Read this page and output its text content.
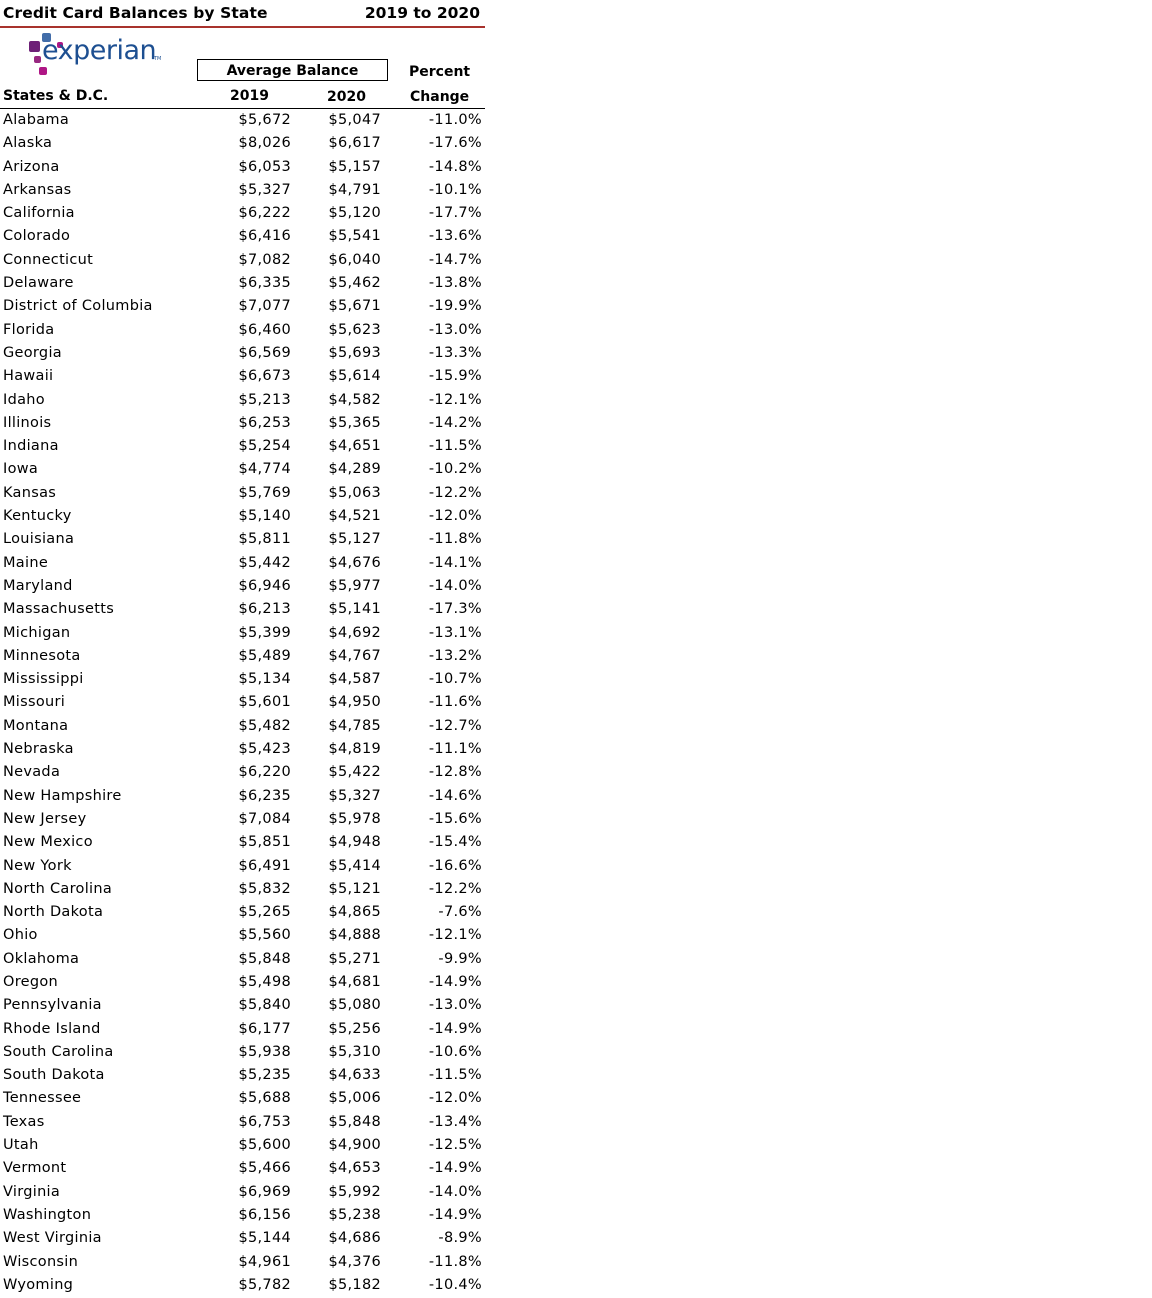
Credit Card Balances by State	2019 to 2020
experian
TM
Average Balance	Percent
States & D.C.	2019	2020	Change
Alabama	$5,672	$5,047	-11.0%
Alaska	$8,026	$6,617	-17.6%
Arizona	$6,053	$5,157	-14.8%
Arkansas	$5,327	$4,791	-10.1%
California	$6,222	$5,120	-17.7%
Colorado	$6,416	$5,541	-13.6%
Connecticut	$7,082	$6,040	-14.7%
Delaware	$6,335	$5,462	-13.8%
District of Columbia	$7,077	$5,671	-19.9%
Florida	$6,460	$5,623	-13.0%
Georgia	$6,569	$5,693	-13.3%
Hawaii	$6,673	$5,614	-15.9%
Idaho	$5,213	$4,582	-12.1%
Illinois	$6,253	$5,365	-14.2%
Indiana	$5,254	$4,651	-11.5%
Iowa	$4,774	$4,289	-10.2%
Kansas	$5,769	$5,063	-12.2%
Kentucky	$5,140	$4,521	-12.0%
Louisiana	$5,811	$5,127	-11.8%
Maine	$5,442	$4,676	-14.1%
Maryland	$6,946	$5,977	-14.0%
Massachusetts	$6,213	$5,141	-17.3%
Michigan	$5,399	$4,692	-13.1%
Minnesota	$5,489	$4,767	-13.2%
Mississippi	$5,134	$4,587	-10.7%
Missouri	$5,601	$4,950	-11.6%
Montana	$5,482	$4,785	-12.7%
Nebraska	$5,423	$4,819	-11.1%
Nevada	$6,220	$5,422	-12.8%
New Hampshire	$6,235	$5,327	-14.6%
New Jersey	$7,084	$5,978	-15.6%
New Mexico	$5,851	$4,948	-15.4%
New York	$6,491	$5,414	-16.6%
North Carolina	$5,832	$5,121	-12.2%
North Dakota	$5,265	$4,865	-7.6%
Ohio	$5,560	$4,888	-12.1%
Oklahoma	$5,848	$5,271	-9.9%
Oregon	$5,498	$4,681	-14.9%
Pennsylvania	$5,840	$5,080	-13.0%
Rhode Island	$6,177	$5,256	-14.9%
South Carolina	$5,938	$5,310	-10.6%
South Dakota	$5,235	$4,633	-11.5%
Tennessee	$5,688	$5,006	-12.0%
Texas	$6,753	$5,848	-13.4%
Utah	$5,600	$4,900	-12.5%
Vermont	$5,466	$4,653	-14.9%
Virginia	$6,969	$5,992	-14.0%
Washington	$6,156	$5,238	-14.9%
West Virginia	$5,144	$4,686	-8.9%
Wisconsin	$4,961	$4,376	-11.8%
Wyoming	$5,782	$5,182	-10.4%
